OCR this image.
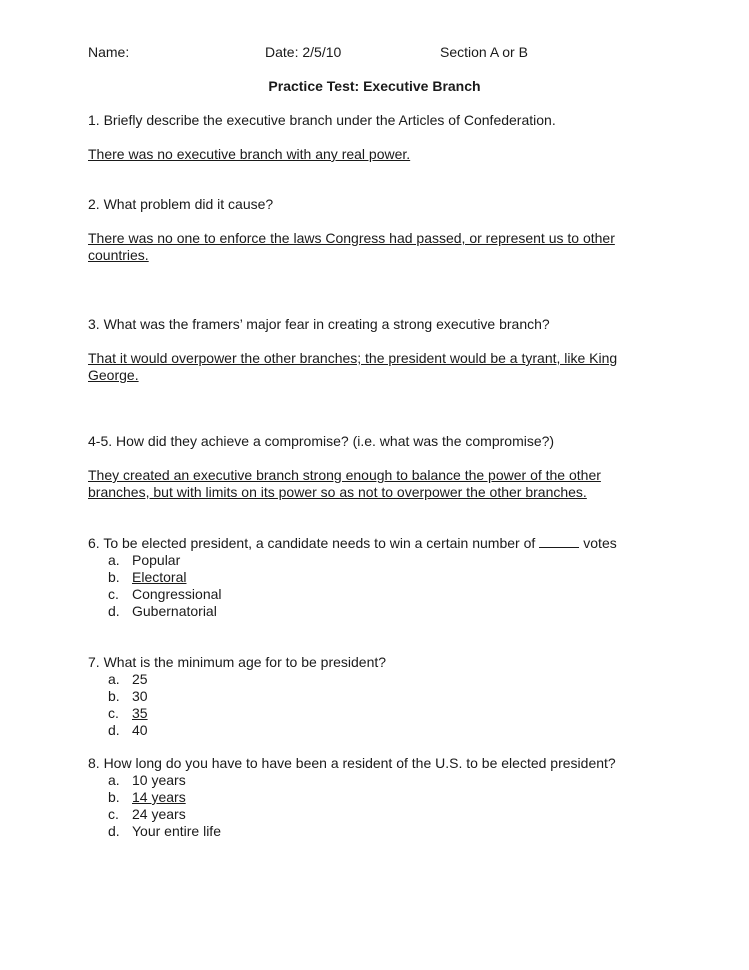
Name:	Date: 2/5/10	Section A or B
Practice Test: Executive Branch
1. Briefly describe the executive branch under the Articles of Confederation.
There was no executive branch with any real power.
2. What problem did it cause?
There was no one to enforce the laws Congress had passed, or represent us to other countries.
3. What was the framers’ major fear in creating a strong executive branch?
That it would overpower the other branches; the president would be a tyrant, like King George.
4-5. How did they achieve a compromise? (i.e. what was the compromise?)
They created an executive branch strong enough to balance the power of the other branches, but with limits on its power so as not to overpower the other branches.
6. To be elected president, a candidate needs to win a certain number of	votes
a. Popular
b. Electoral
c. Congressional
d. Gubernatorial
7. What is the minimum age for to be president?
a. 25
b. 30
c. 35
d. 40
8. How long do you have to have been a resident of the U.S. to be elected president?
a. 10 years
b. 14 years
c. 24 years
d. Your entire life
